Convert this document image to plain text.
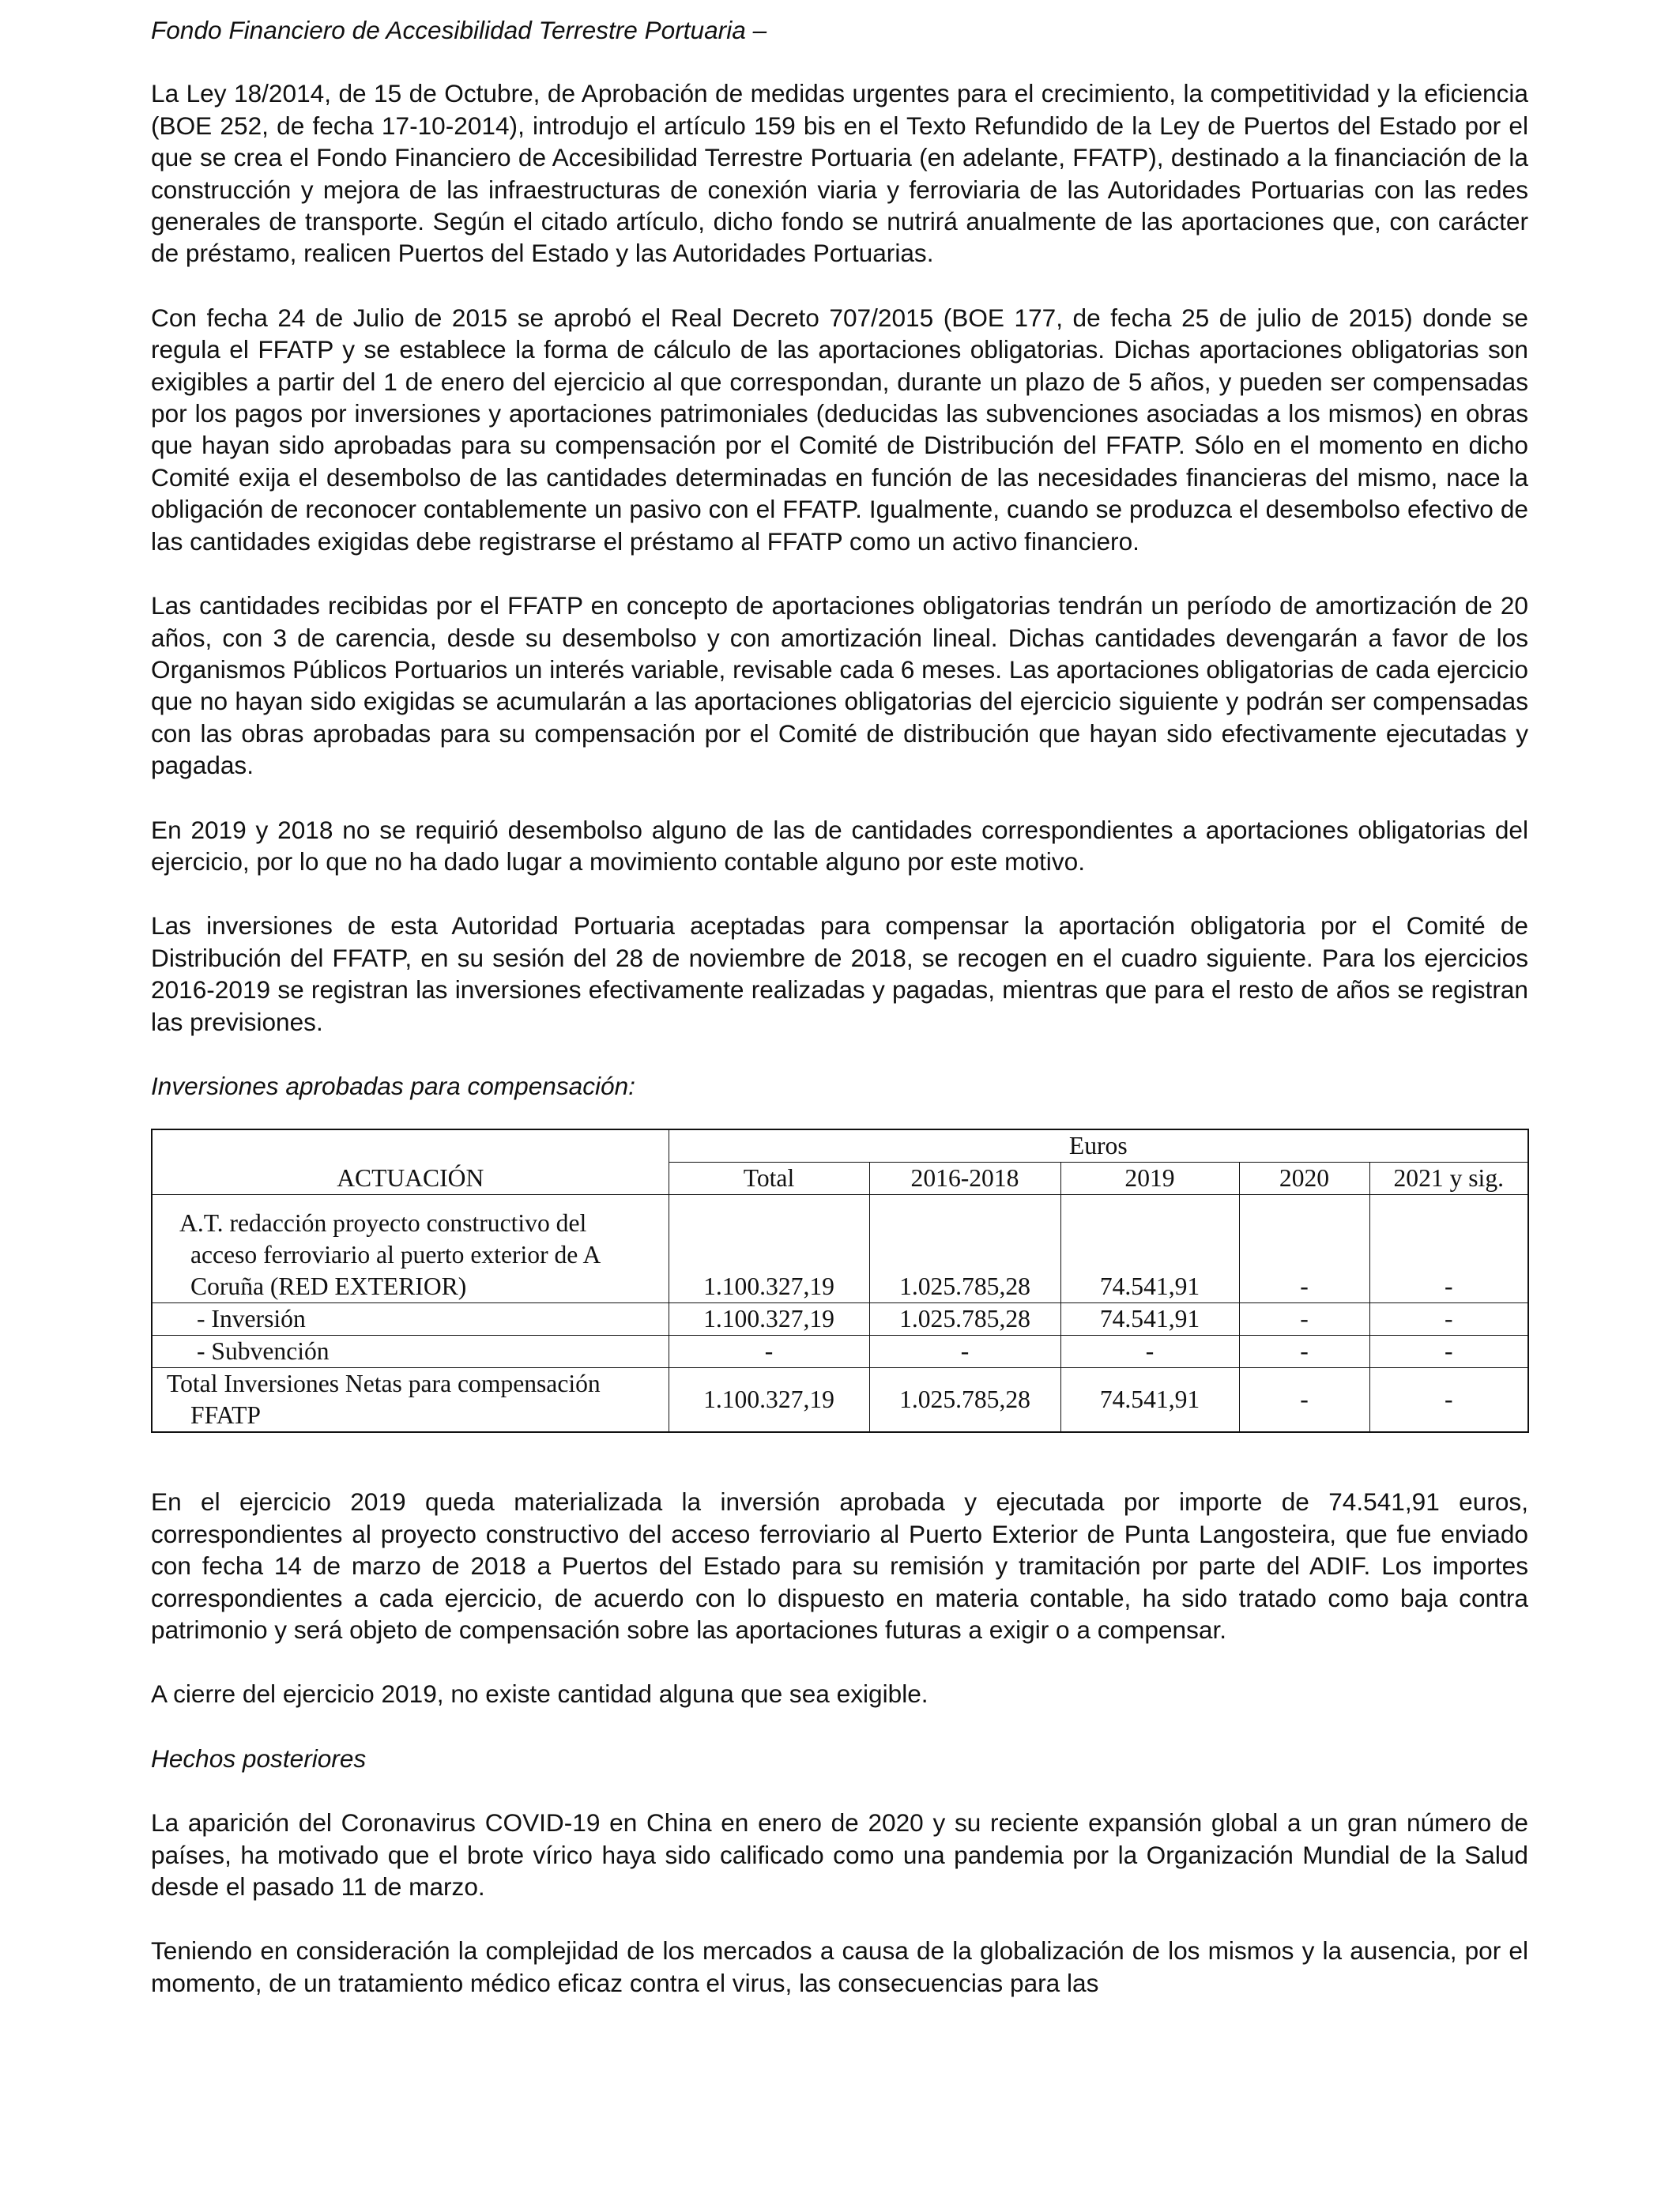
Fondo Financiero de Accesibilidad Terrestre Portuaria –

La Ley 18/2014, de 15 de Octubre, de Aprobación de medidas urgentes para el crecimiento, la competitividad y la eficiencia (BOE 252, de fecha 17-10-2014), introdujo el artículo 159 bis en el Texto Refundido de la Ley de Puertos del Estado por el que se crea el Fondo Financiero de Accesibilidad Terrestre Portuaria (en adelante, FFATP), destinado a la financiación de la construcción y mejora de las infraestructuras de conexión viaria y ferroviaria de las Autoridades Portuarias con las redes generales de transporte. Según el citado artículo, dicho fondo se nutrirá anualmente de las aportaciones que, con carácter de préstamo, realicen Puertos del Estado y las Autoridades Portuarias.

Con fecha 24 de Julio de 2015 se aprobó el Real Decreto 707/2015 (BOE 177, de fecha 25 de julio de 2015) donde se regula el FFATP y se establece la forma de cálculo de las aportaciones obligatorias. Dichas aportaciones obligatorias son exigibles a partir del 1 de enero del ejercicio al que correspondan, durante un plazo de 5 años, y pueden ser compensadas por los pagos por inversiones y aportaciones patrimoniales (deducidas las subvenciones asociadas a los mismos) en obras que hayan sido aprobadas para su compensación por el Comité de Distribución del FFATP. Sólo en el momento en dicho Comité exija el desembolso de las cantidades determinadas en función de las necesidades financieras del mismo, nace la obligación de reconocer contablemente un pasivo con el FFATP. Igualmente, cuando se produzca el desembolso efectivo de las cantidades exigidas debe registrarse el préstamo al FFATP como un activo financiero.

Las cantidades recibidas por el FFATP en concepto de aportaciones obligatorias tendrán un período de amortización de 20 años, con 3 de carencia, desde su desembolso y con amortización lineal. Dichas cantidades devengarán a favor de los Organismos Públicos Portuarios un interés variable, revisable cada 6 meses. Las aportaciones obligatorias de cada ejercicio que no hayan sido exigidas se acumularán a las aportaciones obligatorias del ejercicio siguiente y podrán ser compensadas con las obras aprobadas para su compensación por el Comité de distribución que hayan sido efectivamente ejecutadas y pagadas.

En 2019 y 2018 no se requirió desembolso alguno de las de cantidades correspondientes a aportaciones obligatorias del ejercicio, por lo que no ha dado lugar a movimiento contable alguno por este motivo.

Las inversiones de esta Autoridad Portuaria aceptadas para compensar la aportación obligatoria por el Comité de Distribución del FFATP, en su sesión del 28 de noviembre de 2018, se recogen en el cuadro siguiente. Para los ejercicios 2016-2019 se registran las inversiones efectivamente realizadas y pagadas, mientras que para el resto de años se registran las previsiones.

Inversiones aprobadas para compensación:

	Euros				
ACTUACIÓN	Total	2016-2018	2019	2020	2021 y sig.

A.T. redacción proyecto constructivo del
acceso ferroviario al puerto exterior de A
Coruña (RED EXTERIOR)	1.100.327,19	1.025.785,28	74.541,91	-	-
- Inversión	1.100.327,19	1.025.785,28	74.541,91	-	-
- Subvención	-	-	-	-	-

Total Inversiones Netas para compensación
FFATP	1.100.327,19	1.025.785,28	74.541,91	-	-

En el ejercicio 2019 queda materializada la inversión aprobada y ejecutada por importe de 74.541,91 euros, correspondientes al proyecto constructivo del acceso ferroviario al Puerto Exterior de Punta Langosteira, que fue enviado con fecha 14 de marzo de 2018 a Puertos del Estado para su remisión y tramitación por parte del ADIF. Los importes correspondientes a cada ejercicio, de acuerdo con lo dispuesto en materia contable, ha sido tratado como baja contra patrimonio y será objeto de compensación sobre las aportaciones futuras a exigir o a compensar.

A cierre del ejercicio 2019, no existe cantidad alguna que sea exigible.

Hechos posteriores

La aparición del Coronavirus COVID-19 en China en enero de 2020 y su reciente expansión global a un gran número de países, ha motivado que el brote vírico haya sido calificado como una pandemia por la Organización Mundial de la Salud desde el pasado 11 de marzo.

Teniendo en consideración la complejidad de los mercados a causa de la globalización de los mismos y la ausencia, por el momento, de un tratamiento médico eficaz contra el virus, las consecuencias para las
